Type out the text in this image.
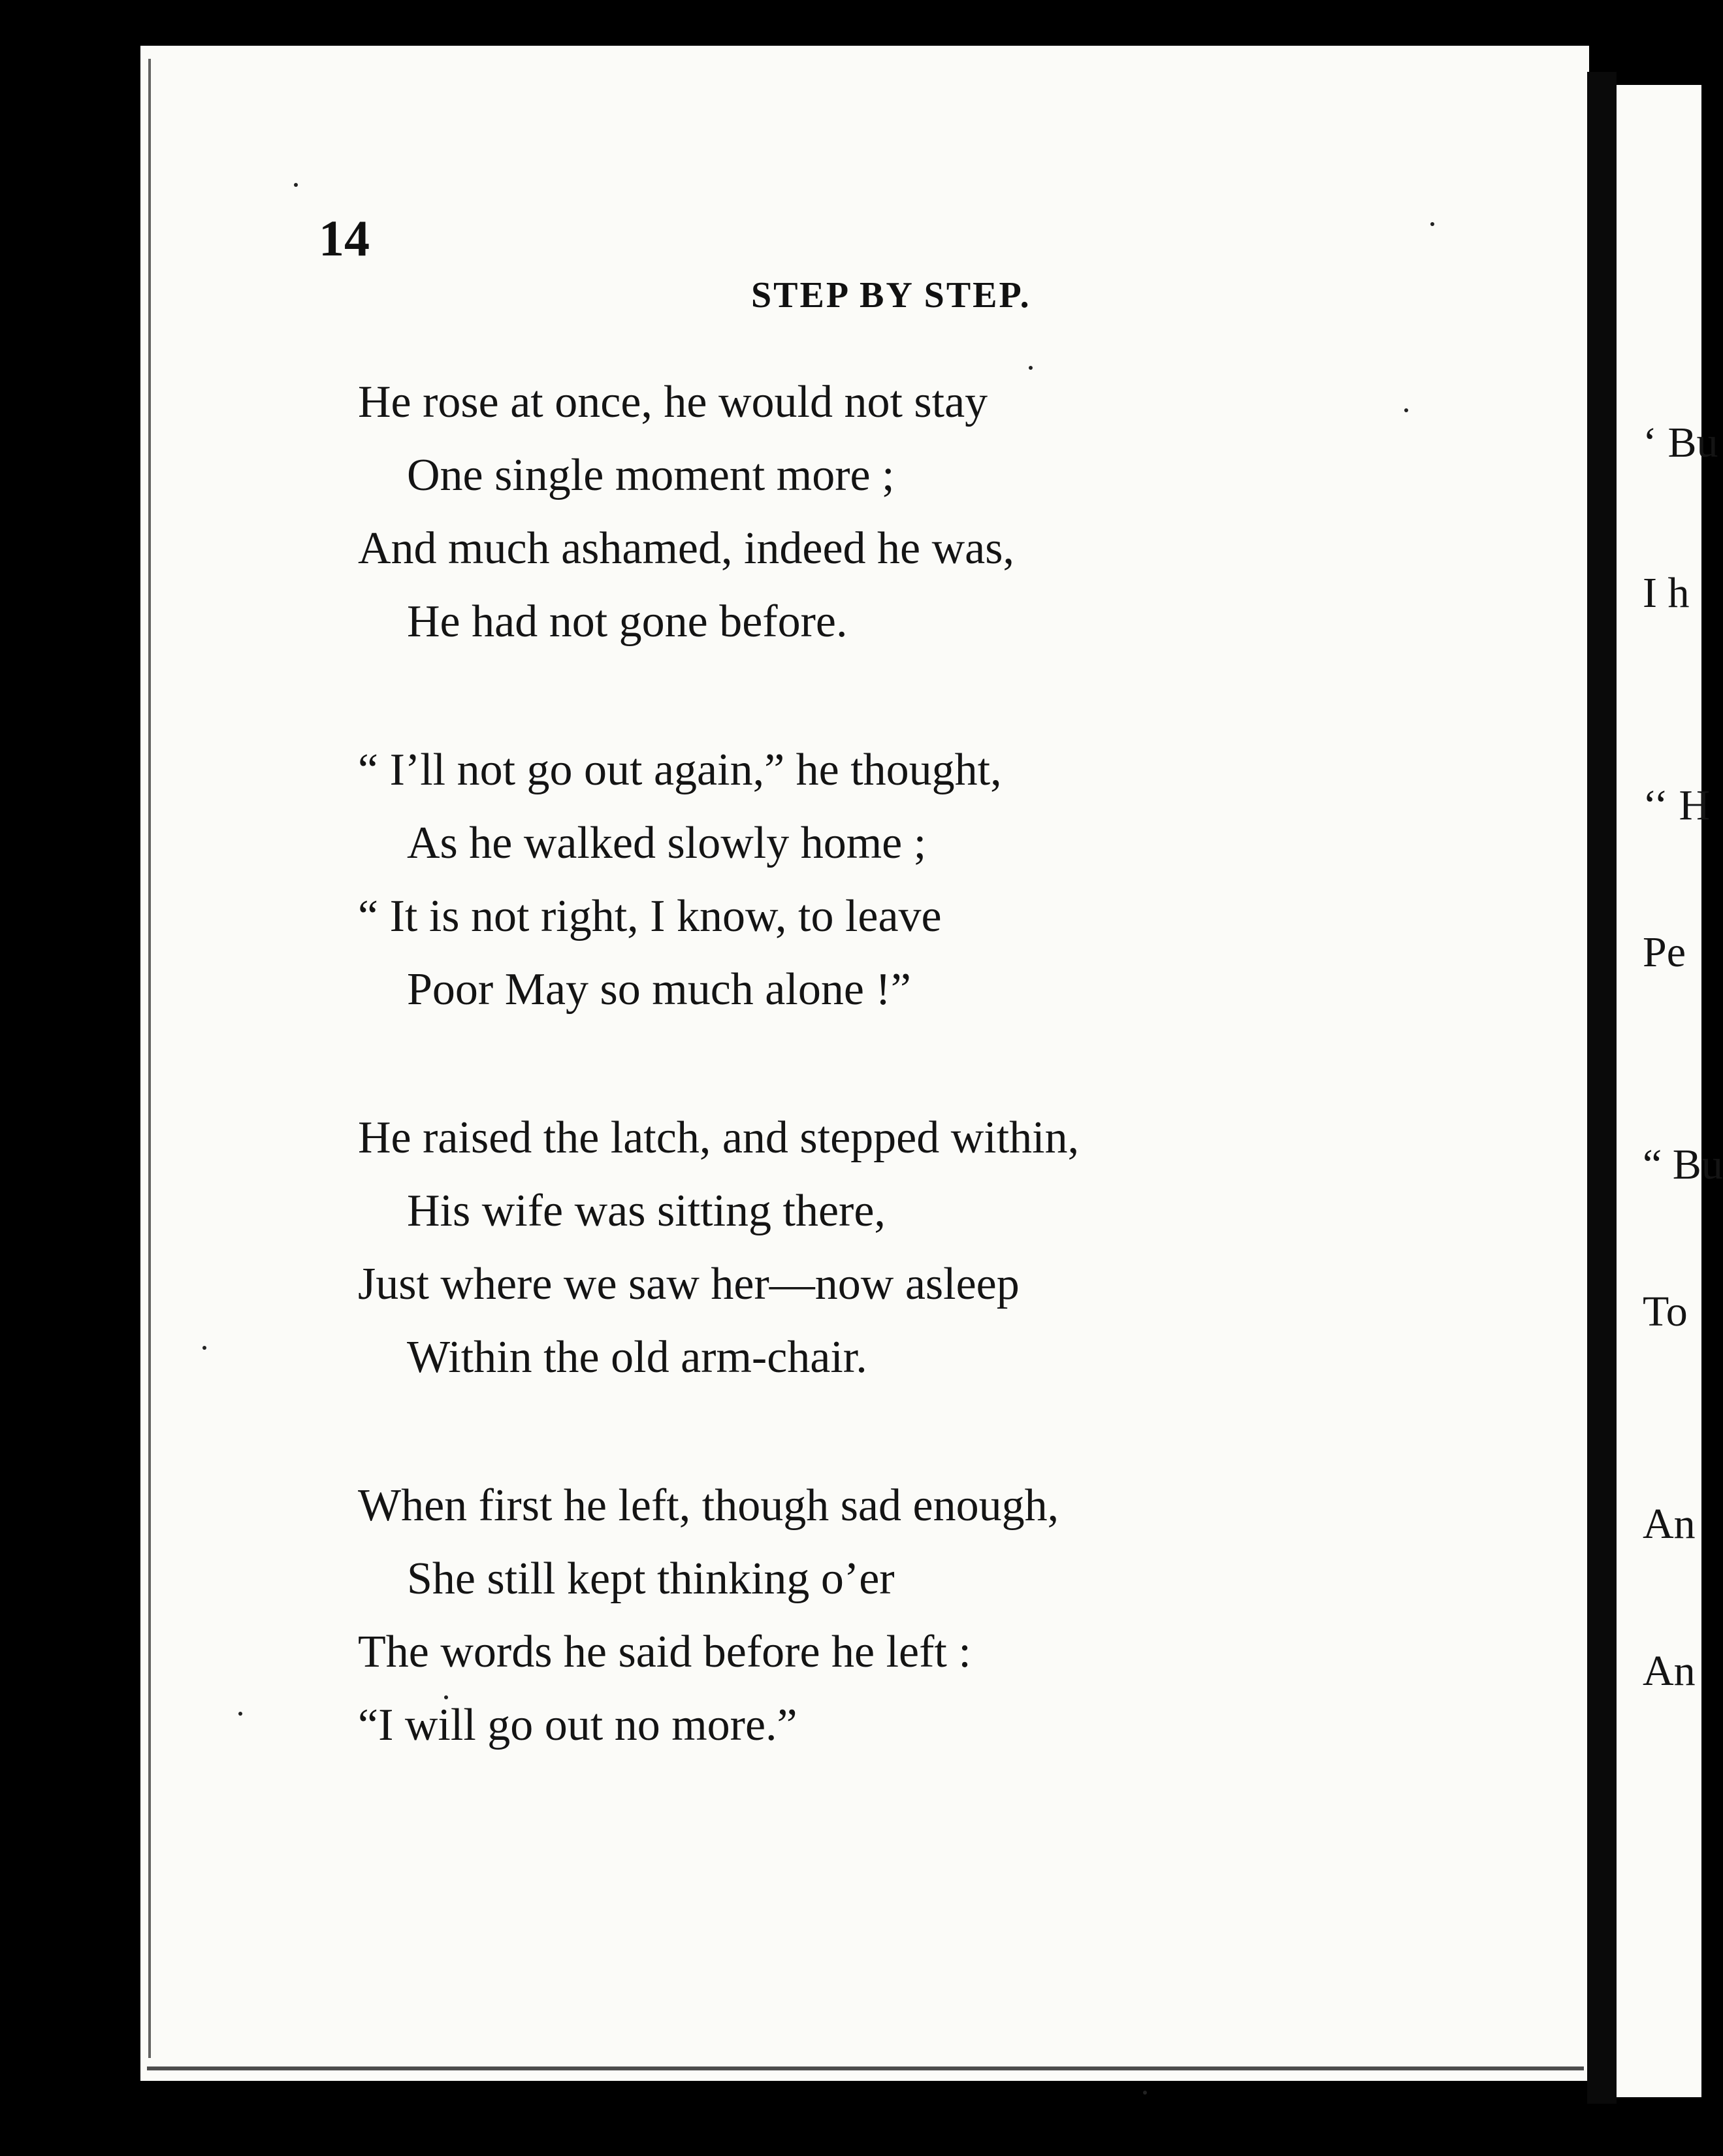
14
STEP BY STEP.
He rose at once, he would not stay
One single moment more ;
And much ashamed, indeed he was,
He had not gone before.
“ I’ll not go out again,” he thought,
As he walked slowly home ;
“ It is not right, I know, to leave
Poor May so much alone !”
He raised the latch, and stepped within,
His wife was sitting there,
Just where we saw her—now asleep
Within the old arm-chair.
When first he left, though sad enough,
She still kept thinking o’er
The words he said before he left :
“I will go out no more.”
‘ Bu
I h
‘‘ H
Pe
“ Bu
To
An
An
